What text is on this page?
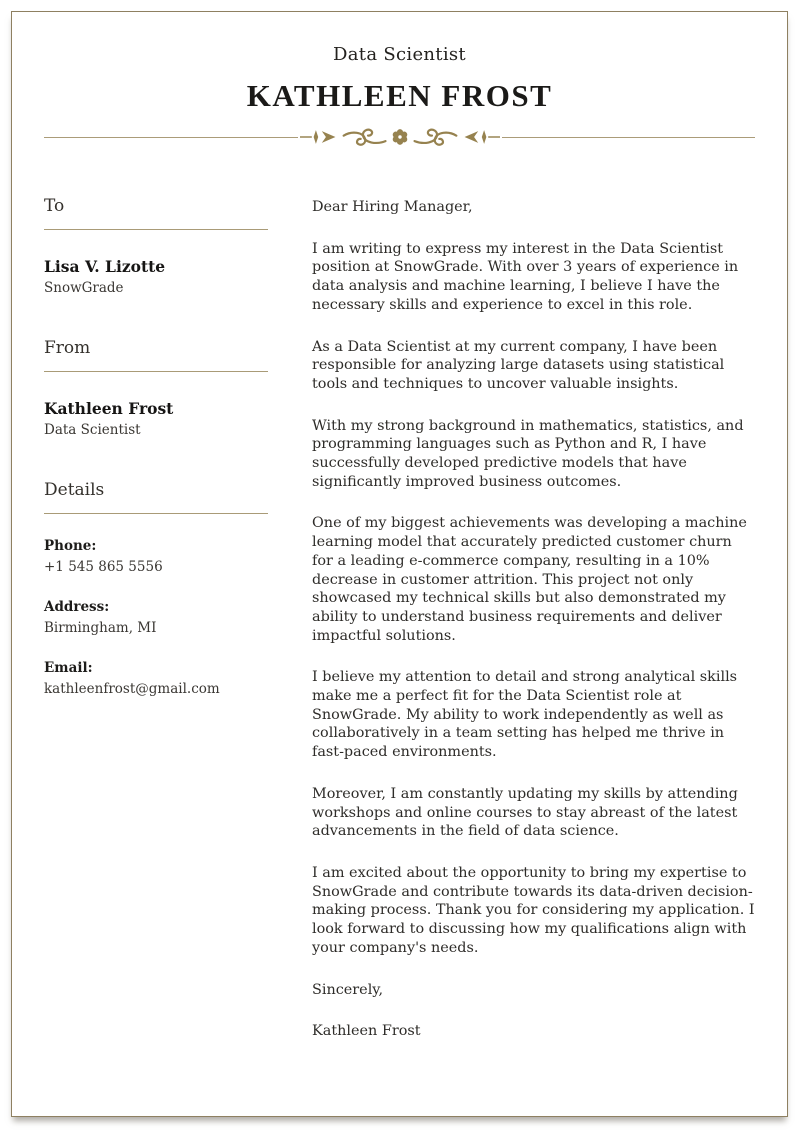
Data Scientist
KATHLEEN FROST
To
Lisa V. Lizotte
SnowGrade
From
Kathleen Frost
Data Scientist
Details
Phone:
+1 545 865 5556
Address:
Birmingham, MI
Email:
kathleenfrost@gmail.com

Dear Hiring Manager,

I am writing to express my interest in the Data Scientist position at SnowGrade. With over 3 years of experience in data analysis and machine learning, I believe I have the necessary skills and experience to excel in this role.

As a Data Scientist at my current company, I have been responsible for analyzing large datasets using statistical tools and techniques to uncover valuable insights.

With my strong background in mathematics, statistics, and programming languages such as Python and R, I have successfully developed predictive models that have significantly improved business outcomes.

One of my biggest achievements was developing a machine learning model that accurately predicted customer churn for a leading e-commerce company, resulting in a 10% decrease in customer attrition. This project not only showcased my technical skills but also demonstrated my ability to understand business requirements and deliver impactful solutions.

I believe my attention to detail and strong analytical skills make me a perfect fit for the Data Scientist role at SnowGrade. My ability to work independently as well as collaboratively in a team setting has helped me thrive in fast-paced environments.

Moreover, I am constantly updating my skills by attending workshops and online courses to stay abreast of the latest advancements in the field of data science.

I am excited about the opportunity to bring my expertise to SnowGrade and contribute towards its data-driven decision-making process. Thank you for considering my application. I look forward to discussing how my qualifications align with your company's needs.

Sincerely,

Kathleen Frost
